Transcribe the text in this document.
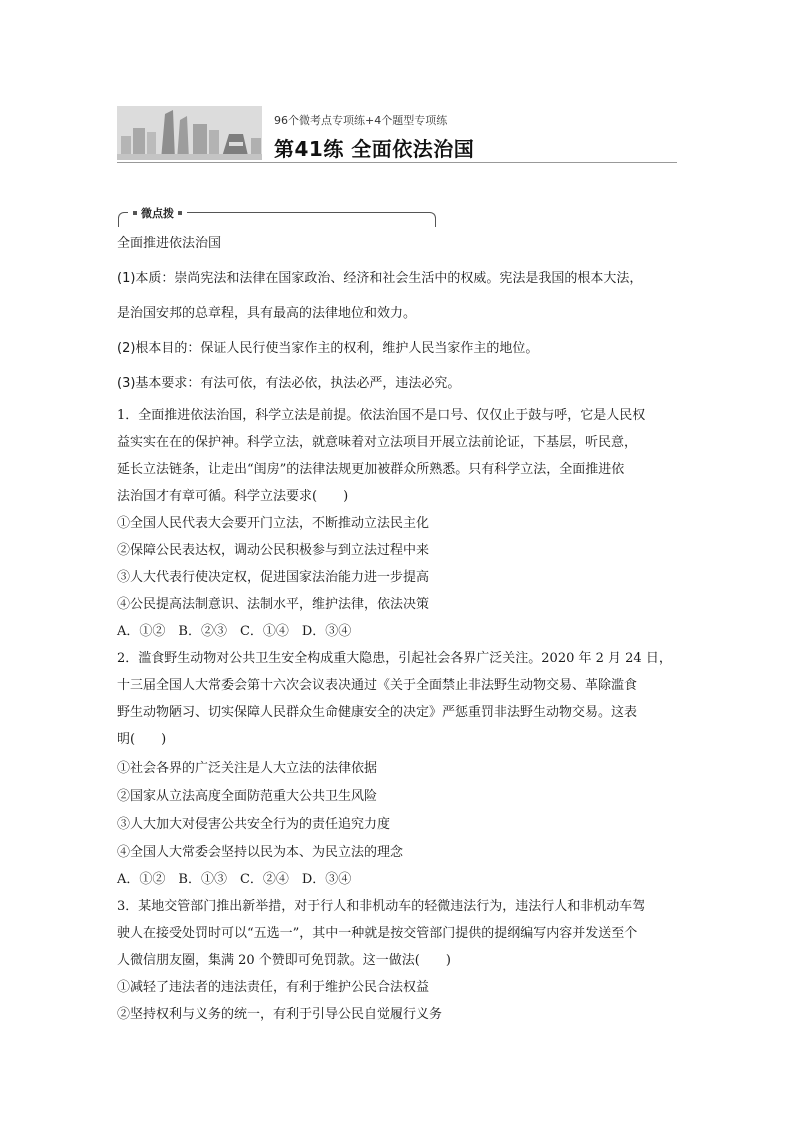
96个微考点专项练+4个题型专项练
第41练 全面依法治国
微点拨
全面推进依法治国
(1)本质：崇尚宪法和法律在国家政治、经济和社会生活中的权威。宪法是我国的根本大法，
是治国安邦的总章程，具有最高的法律地位和效力。
(2)根本目的：保证人民行使当家作主的权利，维护人民当家作主的地位。
(3)基本要求：有法可依，有法必依，执法必严，违法必究。
1．全面推进依法治国，科学立法是前提。依法治国不是口号、仅仅止于鼓与呼，它是人民权
益实实在在的保护神。科学立法，就意味着对立法项目开展立法前论证，下基层，听民意，
延长立法链条，让走出“闺房”的法律法规更加被群众所熟悉。只有科学立法，全面推进依
法治国才有章可循。科学立法要求(　　)
①全国人民代表大会要开门立法，不断推动立法民主化
②保障公民表达权，调动公民积极参与到立法过程中来
③人大代表行使决定权，促进国家法治能力进一步提高
④公民提高法制意识、法制水平，维护法律，依法决策
A．①②　B．②③　C．①④　D．③④
2．滥食野生动物对公共卫生安全构成重大隐患，引起社会各界广泛关注。2020 年 2 月 24 日，
十三届全国人大常委会第十六次会议表决通过《关于全面禁止非法野生动物交易、革除滥食
野生动物陋习、切实保障人民群众生命健康安全的决定》严惩重罚非法野生动物交易。这表
明(　　)
①社会各界的广泛关注是人大立法的法律依据
②国家从立法高度全面防范重大公共卫生风险
③人大加大对侵害公共安全行为的责任追究力度
④全国人大常委会坚持以民为本、为民立法的理念
A．①②　B．①③　C．②④　D．③④
3．某地交管部门推出新举措，对于行人和非机动车的轻微违法行为，违法行人和非机动车驾
驶人在接受处罚时可以“五选一”，其中一种就是按交管部门提供的提纲编写内容并发送至个
人微信朋友圈，集满 20 个赞即可免罚款。这一做法(　　)
①减轻了违法者的违法责任，有利于维护公民合法权益
②坚持权利与义务的统一，有利于引导公民自觉履行义务
